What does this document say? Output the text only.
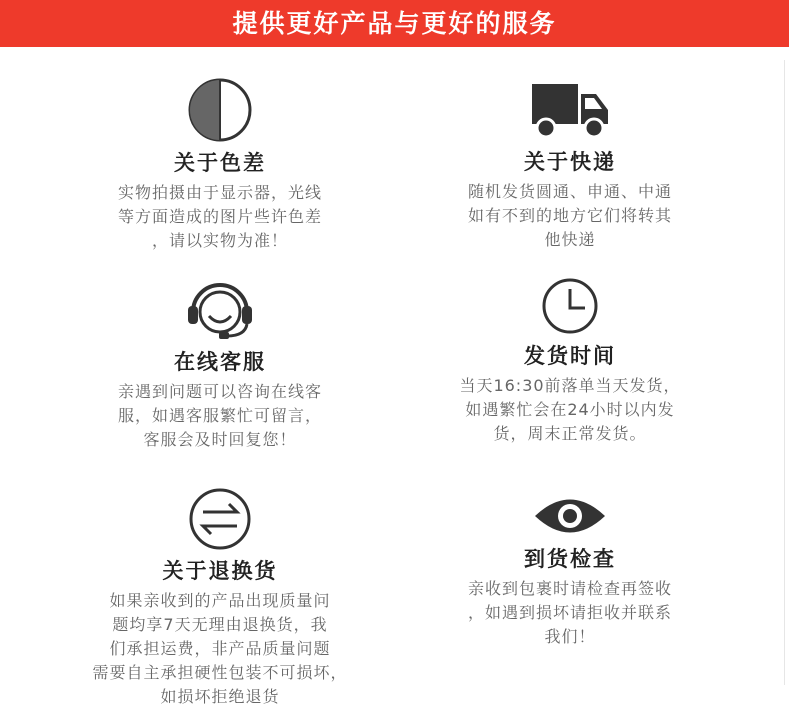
提供更好产品与更好的服务
关于色差
实物拍摄由于显示器，光线
等方面造成的图片些许色差
，请以实物为准！
关于快递
随机发货圆通、申通、中通
如有不到的地方它们将转其
他快递
在线客服
亲遇到问题可以咨询在线客
服，如遇客服繁忙可留言，
客服会及时回复您！
发货时间
当天16:30前落单当天发货，
如遇繁忙会在24小时以内发
货，周末正常发货。
关于退换货
如果亲收到的产品出现质量问
题均享7天无理由退换货，我
们承担运费，非产品质量问题
需要自主承担硬性包装不可损坏，
如损坏拒绝退货
到货检查
亲收到包裹时请检查再签收
，如遇到损坏请拒收并联系
我们！
